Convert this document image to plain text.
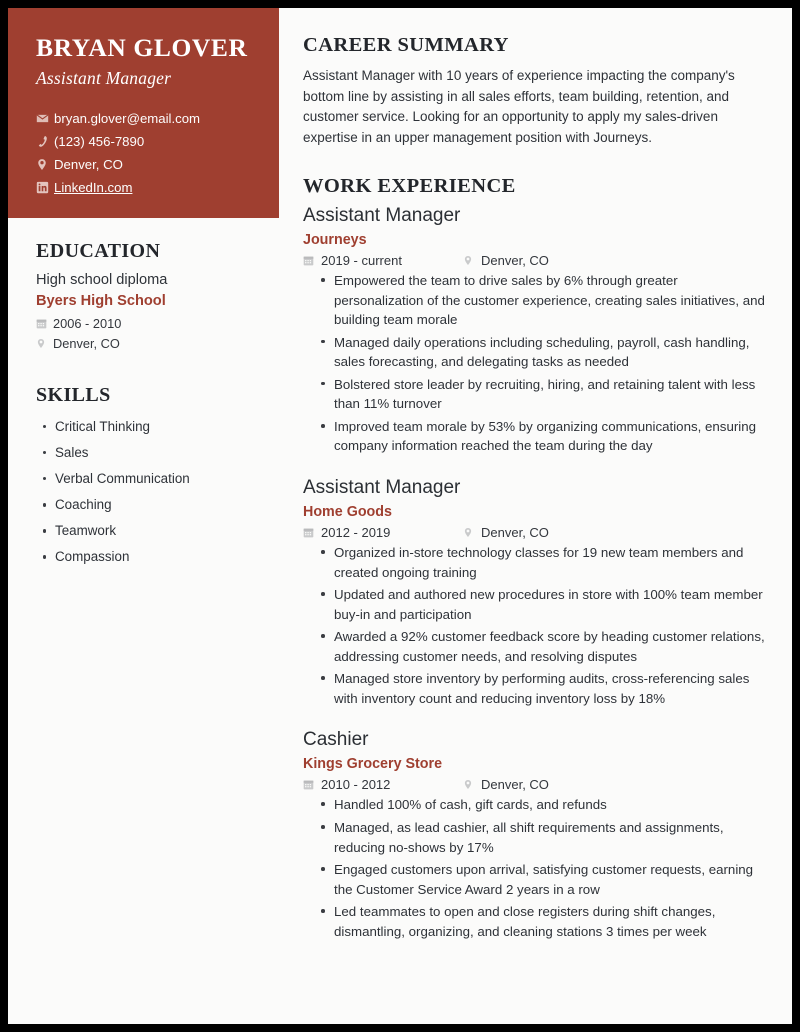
BRYAN GLOVER
Assistant Manager
bryan.glover@email.com
(123) 456-7890
Denver, CO
LinkedIn.com
EDUCATION
High school diploma
Byers High School
2006 - 2010
Denver, CO
SKILLS
Critical Thinking
Sales
Verbal Communication
Coaching
Teamwork
Compassion
CAREER SUMMARY
Assistant Manager with 10 years of experience impacting the company's bottom line by assisting in all sales efforts, team building, retention, and customer service. Looking for an opportunity to apply my sales-driven expertise in an upper management position with Journeys.
WORK EXPERIENCE
Assistant Manager
Journeys
2019 - current	Denver, CO
Empowered the team to drive sales by 6% through greater personalization of the customer experience, creating sales initiatives, and building team morale
Managed daily operations including scheduling, payroll, cash handling, sales forecasting, and delegating tasks as needed
Bolstered store leader by recruiting, hiring, and retaining talent with less than 11% turnover
Improved team morale by 53% by organizing communications, ensuring company information reached the team during the day
Assistant Manager
Home Goods
2012 - 2019	Denver, CO
Organized in-store technology classes for 19 new team members and created ongoing training
Updated and authored new procedures in store with 100% team member buy-in and participation
Awarded a 92% customer feedback score by heading customer relations, addressing customer needs, and resolving disputes
Managed store inventory by performing audits, cross-referencing sales with inventory count and reducing inventory loss by 18%
Cashier
Kings Grocery Store
2010 - 2012	Denver, CO
Handled 100% of cash, gift cards, and refunds
Managed, as lead cashier, all shift requirements and assignments, reducing no-shows by 17%
Engaged customers upon arrival, satisfying customer requests, earning the Customer Service Award 2 years in a row
Led teammates to open and close registers during shift changes, dismantling, organizing, and cleaning stations 3 times per week
